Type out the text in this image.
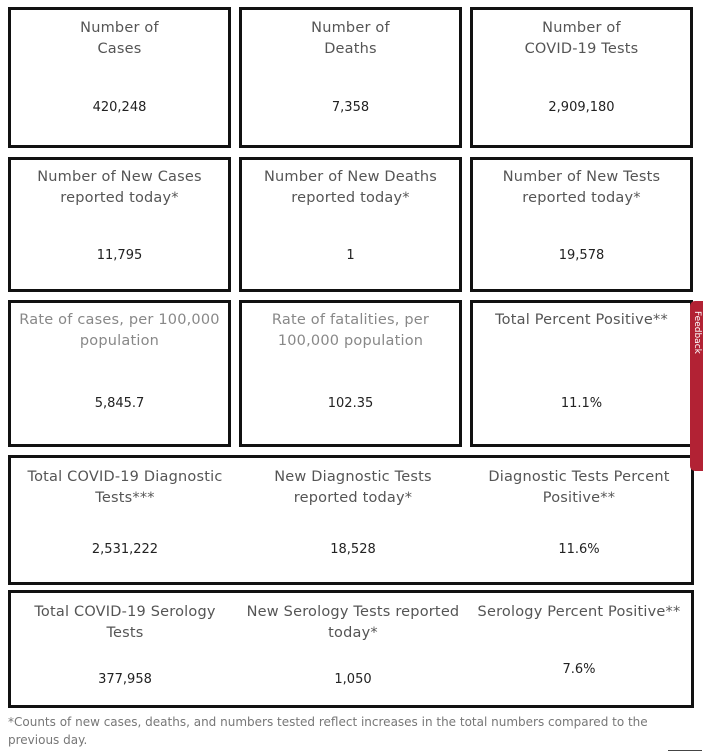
Number of
Cases
420,248
Number of
Deaths
7,358
Number of
COVID-19 Tests
2,909,180
Number of New Cases
reported today*
11,795
Number of New Deaths
reported today*
1
Number of New Tests
reported today*
19,578
Rate of cases, per 100,000
population
5,845.7
Rate of fatalities, per
100,000 population
102.35
Total Percent Positive**
11.1%
Total COVID-19 Diagnostic
Tests***
2,531,222
New Diagnostic Tests
reported today*
18,528
Diagnostic Tests Percent
Positive**
11.6%
Total COVID-19 Serology
Tests
377,958
New Serology Tests reported
today*
1,050
Serology Percent Positive**
7.6%
*Counts of new cases, deaths, and numbers tested reflect increases in the total numbers compared to the previous day.
Feedback
